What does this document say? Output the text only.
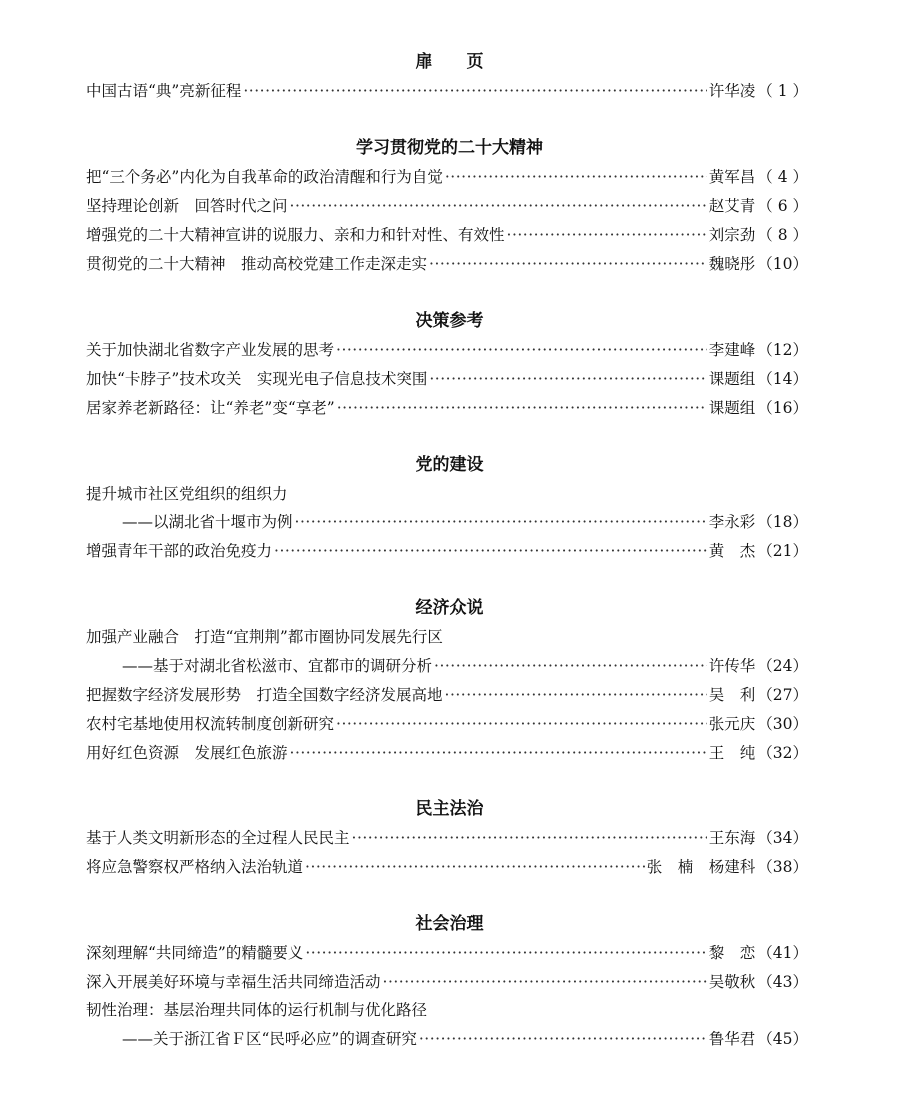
扉　　页
中国古语“典”亮新征程 ·····	许华凌 （ 1 ）
学习贯彻党的二十大精神
把“三个务必”内化为自我革命的政治清醒和行为自觉 ·····	黄军昌 （ 4 ）
坚持理论创新　回答时代之问 ·····	赵艾青 （ 6 ）
增强党的二十大精神宣讲的说服力、亲和力和针对性、有效性 ·····	刘宗劲 （ 8 ）
贯彻党的二十大精神　推动高校党建工作走深走实 ·····	魏晓彤 （10）
决策参考
关于加快湖北省数字产业发展的思考 ·····	李建峰 （12）
加快“卡脖子”技术攻关　实现光电子信息技术突围 ·····	课题组 （14）
居家养老新路径：让“养老”变“享老” ·····	课题组 （16）
党的建设
提升城市社区党组织的组织力
——以湖北省十堰市为例 ·····	李永彩 （18）
增强青年干部的政治免疫力 ·····	黄　杰 （21）
经济众说
加强产业融合　打造“宜荆荆”都市圈协同发展先行区
——基于对湖北省松滋市、宜都市的调研分析 ·····	许传华 （24）
把握数字经济发展形势　打造全国数字经济发展高地 ·····	吴　利 （27）
农村宅基地使用权流转制度创新研究 ·····	张元庆 （30）
用好红色资源　发展红色旅游 ·····	王　纯 （32）
民主法治
基于人类文明新形态的全过程人民民主 ·····	王东海 （34）
将应急警察权严格纳入法治轨道 ·····	张　楠　杨建科 （38）
社会治理
深刻理解“共同缔造”的精髓要义 ·····	黎　恋 （41）
深入开展美好环境与幸福生活共同缔造活动 ·····	吴敬秋 （43）
韧性治理：基层治理共同体的运行机制与优化路径
——关于浙江省Ｆ区“民呼必应”的调查研究 ·····	鲁华君 （45）
